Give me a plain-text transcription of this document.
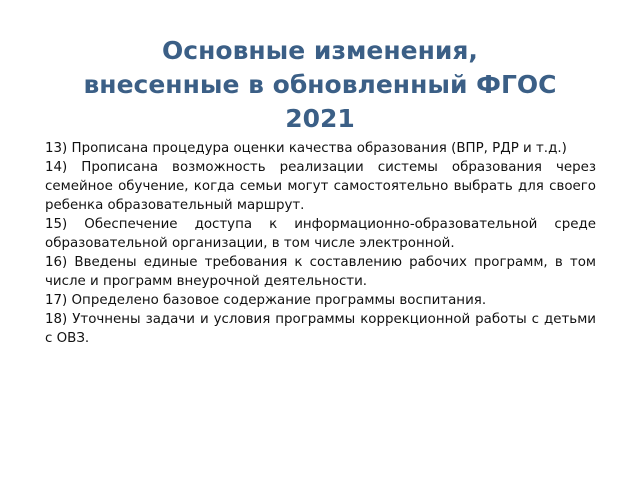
Основные изменения,
внесенные в обновленный ФГОС
2021
13) Прописана процедура оценки качества образования (ВПР, РДР и т.д.)
14) Прописана возможность реализации системы образования через семейное обучение, когда семьи могут самостоятельно выбрать для своего ребенка образовательный маршрут.
15) Обеспечение доступа к информационно-образовательной среде образовательной организации, в том числе электронной.
16) Введены единые требования к составлению рабочих программ, в том числе и программ внеурочной деятельности.
17) Определено базовое содержание программы воспитания.
18) Уточнены задачи и условия программы коррекционной работы с детьми с ОВЗ.
